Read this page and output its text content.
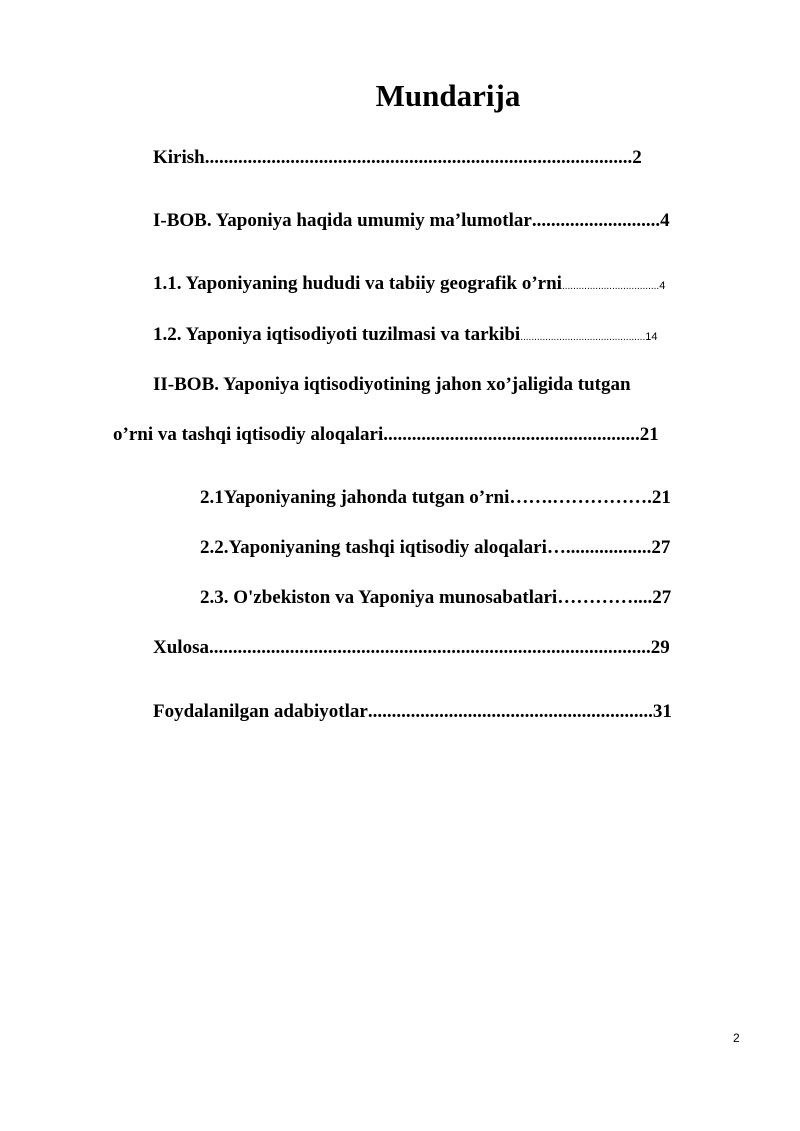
Mundarija
Kirish..........................................................................................2
I-BOB. Yaponiya haqida umumiy ma’lumotlar...........................4
1.1. Yaponiyaning hududi va tabiiy geografik o’rni...................................4
1.2. Yaponiya iqtisodiyoti tuzilmasi va tarkibi.............................................14
II-BOB. Yaponiya iqtisodiyotining jahon xo’jaligida tutgan
o’rni va tashqi iqtisodiy aloqalari......................................................21
2.1Yaponiyaning jahonda tutgan o’rni…….…………….21
2.2.Yaponiyaning tashqi iqtisodiy aloqalari…..................27
2.3. O'zbekiston va Yaponiya munosabatlari…………....27
Xulosa.............................................................................................29
Foydalanilgan adabiyotlar............................................................31
2
